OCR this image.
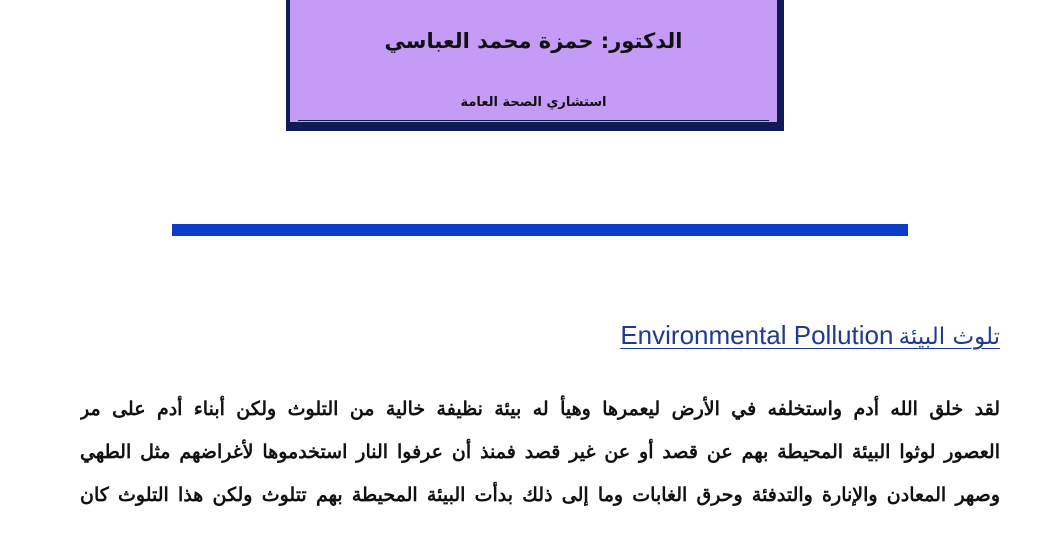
الدكتور: حمزة محمد العباسي
استشاري الصحة العامة
تلوث البيئة Environmental Pollution
لقد خلق الله أدم واستخلفه في الأرض ليعمرها وهيأ له بيئة نظيفة خالية من التلوث ولكن أبناء أدم على مر
العصور لوثوا البيئة المحيطة بهم عن قصد أو عن غير قصد فمنذ أن عرفوا النار استخدموها لأغراضهم مثل الطهي
وصهر المعادن والإنارة والتدفئة وحرق الغابات وما إلى ذلك بدأت البيئة المحيطة بهم تتلوث ولكن هذا التلوث كان
